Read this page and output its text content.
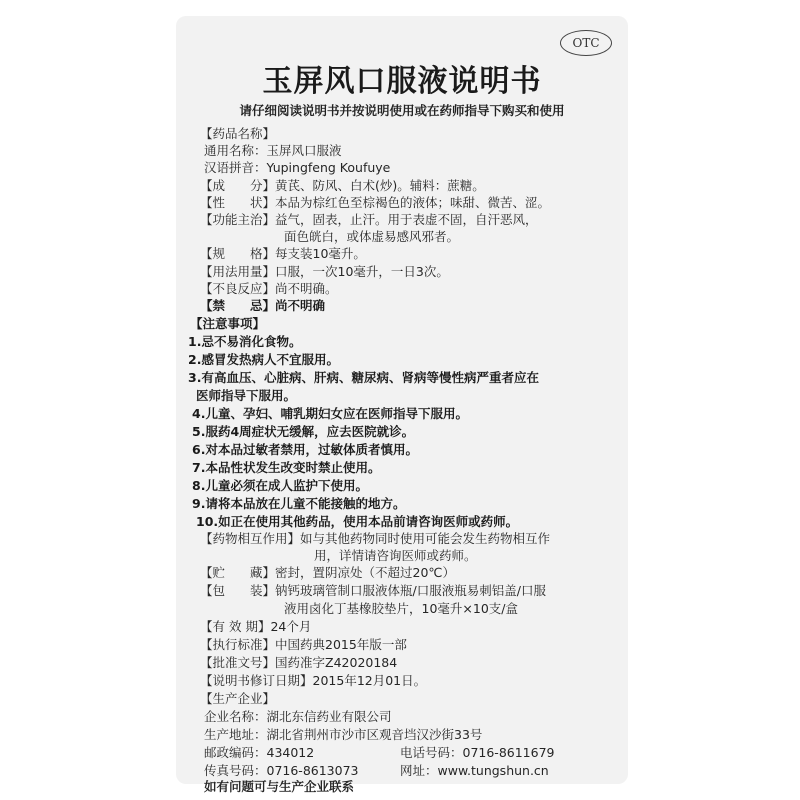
OTC
玉屏风口服液说明书
请仔细阅读说明书并按说明使用或在药师指导下购买和使用
【药品名称】
通用名称：玉屏风口服液
汉语拼音：Yupingfeng Koufuye
【成　　分】黄芪、防风、白术(炒)。辅料：蔗糖。
【性　　状】本品为棕红色至棕褐色的液体；味甜、微苦、涩。
【功能主治】益气，固表，止汗。用于表虚不固，自汗恶风，
面色㿠白，或体虚易感风邪者。
【规　　格】每支装10毫升。
【用法用量】口服，一次10毫升，一日3次。
【不良反应】尚不明确。
【禁　　忌】尚不明确
【注意事项】
1.忌不易消化食物。
2.感冒发热病人不宜服用。
3.有高血压、心脏病、肝病、糖尿病、肾病等慢性病严重者应在
医师指导下服用。
4.儿童、孕妇、哺乳期妇女应在医师指导下服用。
5.服药4周症状无缓解，应去医院就诊。
6.对本品过敏者禁用，过敏体质者慎用。
7.本品性状发生改变时禁止使用。
8.儿童必须在成人监护下使用。
9.请将本品放在儿童不能接触的地方。
10.如正在使用其他药品，使用本品前请咨询医师或药师。
【药物相互作用】如与其他药物同时使用可能会发生药物相互作
用，详情请咨询医师或药师。
【贮　　藏】密封，置阴凉处（不超过20℃）
【包　　装】钠钙玻璃管制口服液体瓶/口服液瓶易刺铝盖/口服
液用卤化丁基橡胶垫片，10毫升×10支/盒
【有 效 期】24个月
【执行标准】中国药典2015年版一部
【批准文号】国药准字Z42020184
【说明书修订日期】2015年12月01日。
【生产企业】
企业名称：湖北东信药业有限公司
生产地址：湖北省荆州市沙市区观音垱汉沙街33号
邮政编码：434012	电话号码：0716-8611679
传真号码：0716-8613073	网址：www.tungshun.cn
如有问题可与生产企业联系
